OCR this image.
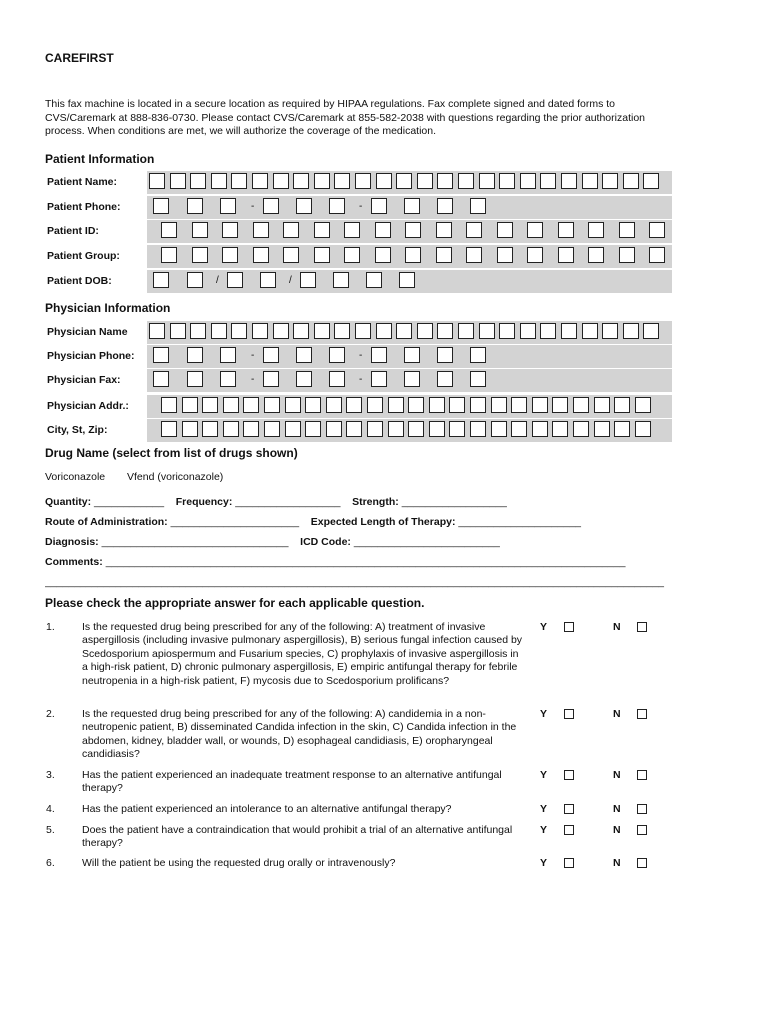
CAREFIRST
This fax machine is located in a secure location as required by HIPAA regulations. Fax complete signed and dated forms to CVS/Caremark at 888-836-0730. Please contact CVS/Caremark at 855-582-2038 with questions regarding the prior authorization process. When conditions are met, we will authorize the coverage of the medication.
Patient Information
Patient Name:
Patient Phone:	-	-
Patient ID:
Patient Group:
Patient DOB:	/	/
Physician Information
Physician Name
Physician Phone:	-	-
Physician Fax:	-	-
Physician Addr.:
City, St, Zip:
Drug Name (select from list of drugs shown)
Voriconazole Vfend (voriconazole)
Quantity: ____________ Frequency: __________________ Strength: __________________
Route of Administration: ______________________ Expected Length of Therapy: _____________________
Diagnosis: ________________________________ ICD Code: _________________________
Comments: _________________________________________________________________________________________
__________________________________________________________________________________________________________
Please check the appropriate answer for each applicable question.
1.	Is the requested drug being prescribed for any of the following: A) treatment of invasive aspergillosis (including invasive pulmonary aspergillosis), B) serious fungal infection caused by Scedosporium apiospermum and Fusarium species, C) prophylaxis of invasive aspergillosis in a high-risk patient, D) chronic pulmonary aspergillosis, E) empiric antifungal therapy for febrile neutropenia in a high-risk patient, F) mycosis due to Scedosporium prolificans?
Y	N
2.	Is the requested drug being prescribed for any of the following: A) candidemia in a non-neutropenic patient, B) disseminated Candida infection in the skin, C) Candida infection in the abdomen, kidney, bladder wall, or wounds, D) esophageal candidiasis, E) oropharyngeal candidiasis?
Y	N
3.	Has the patient experienced an inadequate treatment response to an alternative antifungal therapy?
Y	N
4.	Has the patient experienced an intolerance to an alternative antifungal therapy?	Y	N
5.	Does the patient have a contraindication that would prohibit a trial of an alternative antifungal therapy?
Y	N
6.	Will the patient be using the requested drug orally or intravenously?	Y	N
